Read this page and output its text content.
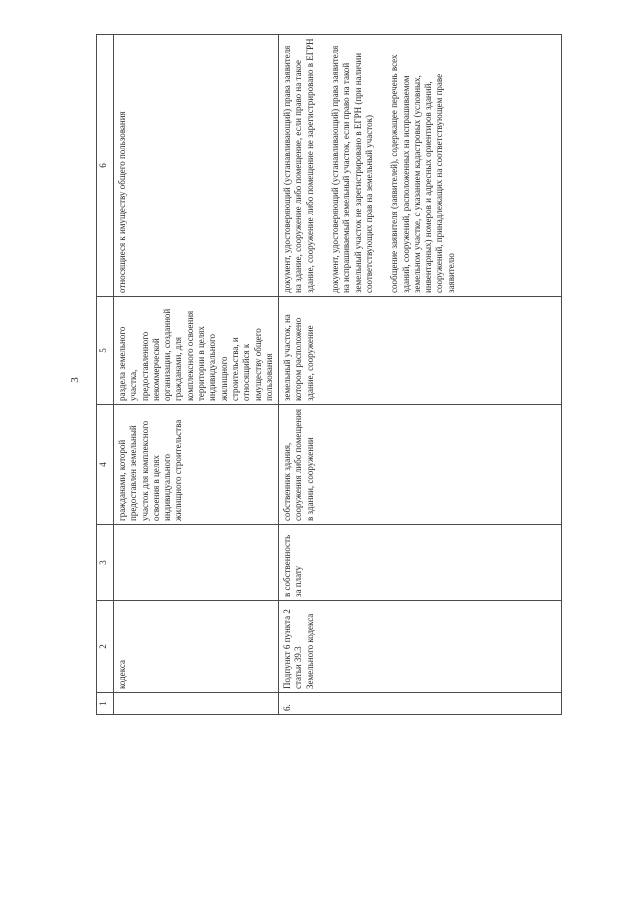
3
1	2	3	4	5	6
	кодекса		гражданами, которой предоставлен земельный участок для комплексного освоения в целях индивидуального жилищного строительства	раздела земельного участка, предоставленного некоммерческой организации, созданной гражданами, для комплексного освоения территории в целях индивидуального жилищного строительства, и относящийся к имуществу общего пользования	относящиеся к имуществу общего пользования

6.	Подпункт 6 пункта 2 статьи 39.3 Земельного кодекса	в собственность за плату	собственник здания, сооружения либо помещения в здании, сооружении	земельный участок, на котором расположено здание, сооружение	документ, удостоверяющий (устанавливающий) права заявителя на здание, сооружение либо помещение, если право на такое здание, сооружение либо помещение не зарегистрировано в ЕГРН документ, удостоверяющий (устанавливающий) права заявителя на испрашиваемый земельный участок, если право на такой земельный участок не зарегистрировано в ЕГРН (при наличии соответствующих прав на земельный участок) сообщение заявителя (заявителей), содержащее перечень всех зданий, сооружений, расположенных на испрашиваемом земельном участке, с указанием кадастровых (условных, инвентарных) номеров и адресных ориентиров зданий, сооружений, принадлежащих на соответствующем праве заявителю
